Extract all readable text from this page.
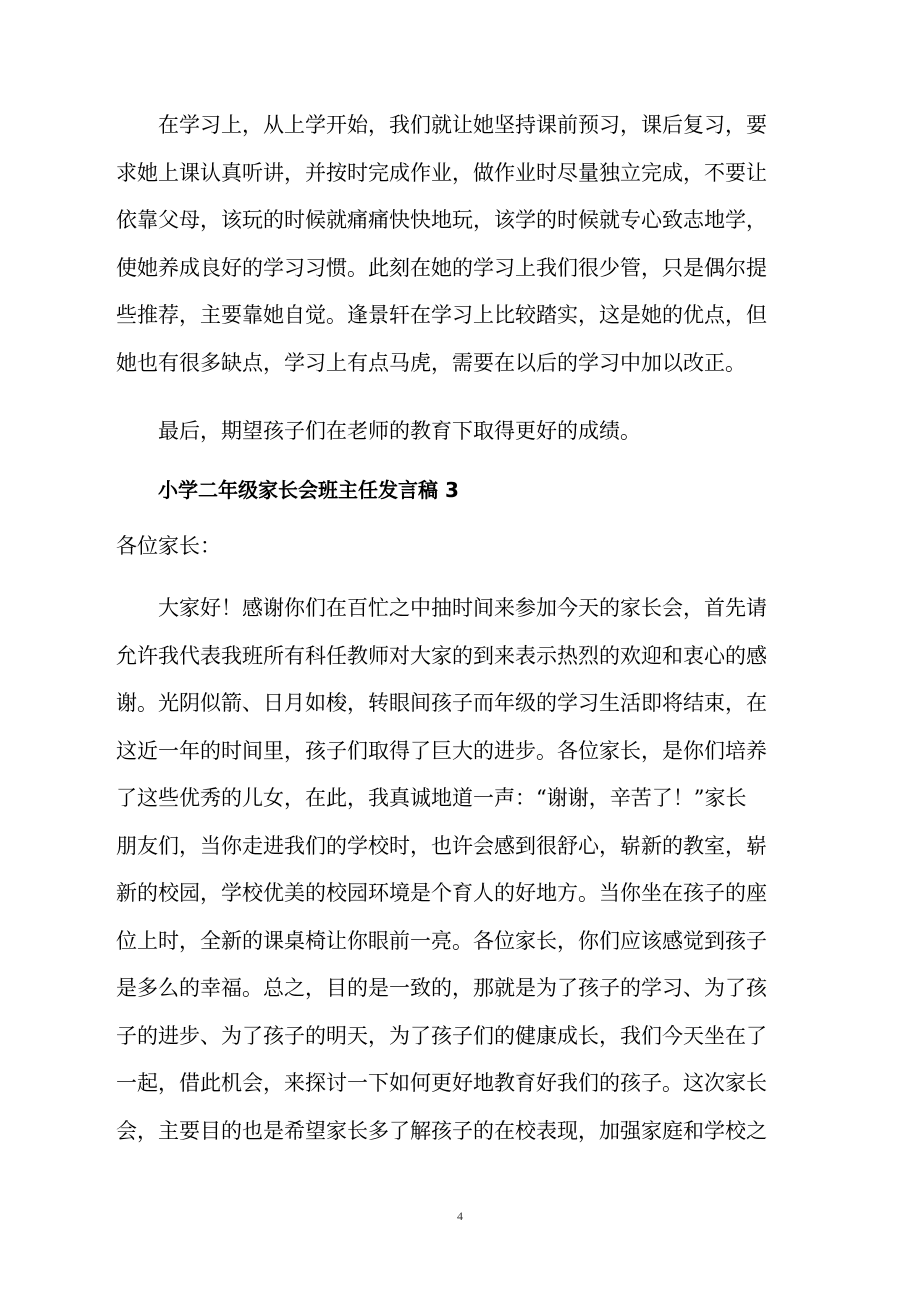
在学习上，从上学开始，我们就让她坚持课前预习，课后复习，要

求她上课认真听讲，并按时完成作业，做作业时尽量独立完成，不要让

依靠父母，该玩的时候就痛痛快快地玩，该学的时候就专心致志地学，

使她养成良好的学习习惯。此刻在她的学习上我们很少管，只是偶尔提

些推荐，主要靠她自觉。逢景轩在学习上比较踏实，这是她的优点，但

她也有很多缺点，学习上有点马虎，需要在以后的学习中加以改正。

最后，期望孩子们在老师的教育下取得更好的成绩。

小学二年级家长会班主任发言稿 3

各位家长：

大家好！感谢你们在百忙之中抽时间来参加今天的家长会，首先请

允许我代表我班所有科任教师对大家的到来表示热烈的欢迎和衷心的感

谢。光阴似箭、日月如梭，转眼间孩子而年级的学习生活即将结束，在

这近一年的时间里，孩子们取得了巨大的进步。各位家长，是你们培养

了这些优秀的儿女，在此，我真诚地道一声：“谢谢，辛苦了！”家长

朋友们，当你走进我们的学校时，也许会感到很舒心，崭新的教室，崭

新的校园，学校优美的校园环境是个育人的好地方。当你坐在孩子的座

位上时，全新的课桌椅让你眼前一亮。各位家长，你们应该感觉到孩子

是多么的幸福。总之，目的是一致的，那就是为了孩子的学习、为了孩

子的进步、为了孩子的明天，为了孩子们的健康成长，我们今天坐在了

一起，借此机会，来探讨一下如何更好地教育好我们的孩子。这次家长

会，主要目的也是希望家长多了解孩子的在校表现，加强家庭和学校之

4
